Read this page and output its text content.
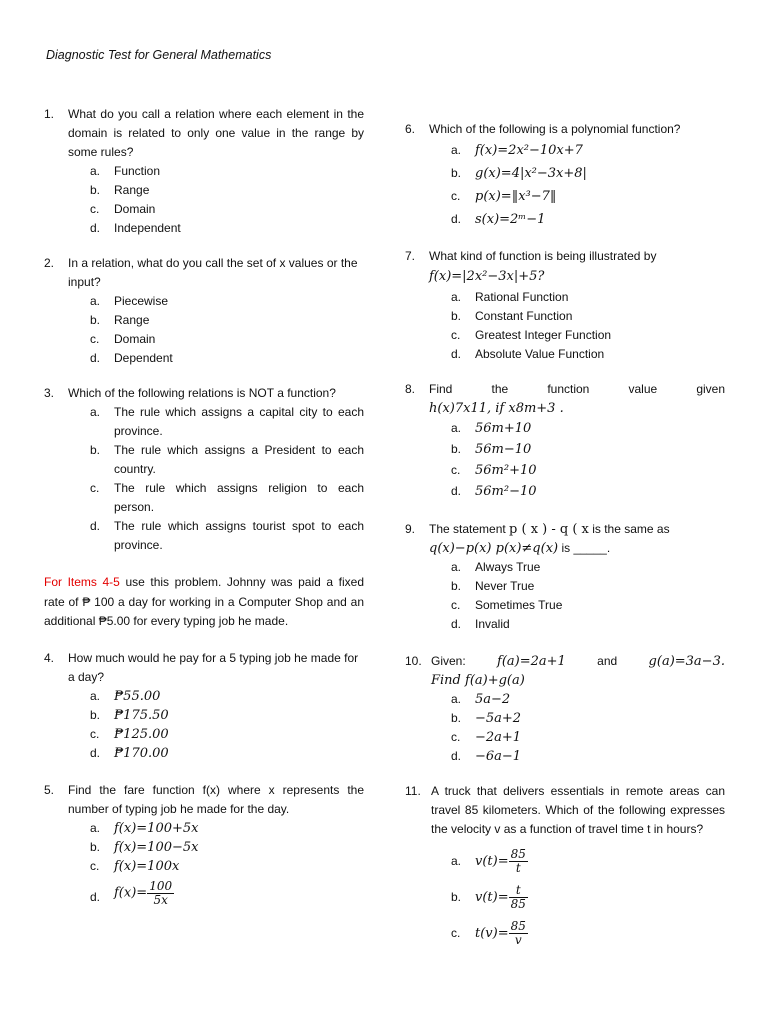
Diagnostic Test for General Mathematics
1. What do you call a relation where each element in the domain is related to only one value in the range by some rules?
a. Function
b. Range
c. Domain
d. Independent
2. In a relation, what do you call the set of x values or the input?
a. Piecewise
b. Range
c. Domain
d. Dependent
3. Which of the following relations is NOT a function?
a. The rule which assigns a capital city to each province.
b. The rule which assigns a President to each country.
c. The rule which assigns religion to each person.
d. The rule which assigns tourist spot to each province.
For Items 4-5 use this problem. Johnny was paid a fixed rate of ₱ 100 a day for working in a Computer Shop and an additional ₱5.00 for every typing job he made.
4. How much would he pay for a 5 typing job he made for a day?
a. ₱55.00
b. ₱175.50
c. ₱125.00
d. ₱170.00
5. Find the fare function f(x) where x represents the number of typing job he made for the day.
a. f(x)=100+5x
b. f(x)=100−5x
c. f(x)=100x
d. $f(x)= \frac{100}{5x}$
6. Which of the following is a polynomial function?
a. f(x)=2x²−10x+7
b. g(x)=4|x²−3x+8|
c. p(x)=‖x³−7‖
d. s(x)=2ᵐ−1
7. What kind of function is being illustrated by
f(x)=|2x²−3x|+5?
a. Rational Function
b. Constant Function
c. Greatest Integer Function
d. Absolute Value Function
8. Find	the	function	value	given
h(x)7x11, if x8m+3 .
a. 56m+10
b. 56m−10
c. 56m²+10
d. 56m²−10
9. The statement p ( x ) - q ( x is the same as
q(x)−p(x) p(x)≠q(x) is _____.
a. Always True
b. Never True
c. Sometimes True
d. Invalid
10. Given: f(a)=2a+1	and g(a)=3a−3.
Find f(a)+g(a)
a. 5a−2
b. −5a+2
c. −2a+1
d. −6a−1
11. A truck that delivers essentials in remote areas can travel 85 kilometers. Which of the following expresses the velocity v as a function of travel time t in hours?
a. $v(t)= \frac{85}{t}$
b. $v(t)= \frac{t}{85}$
c. $t(v)= \frac{85}{v}$
